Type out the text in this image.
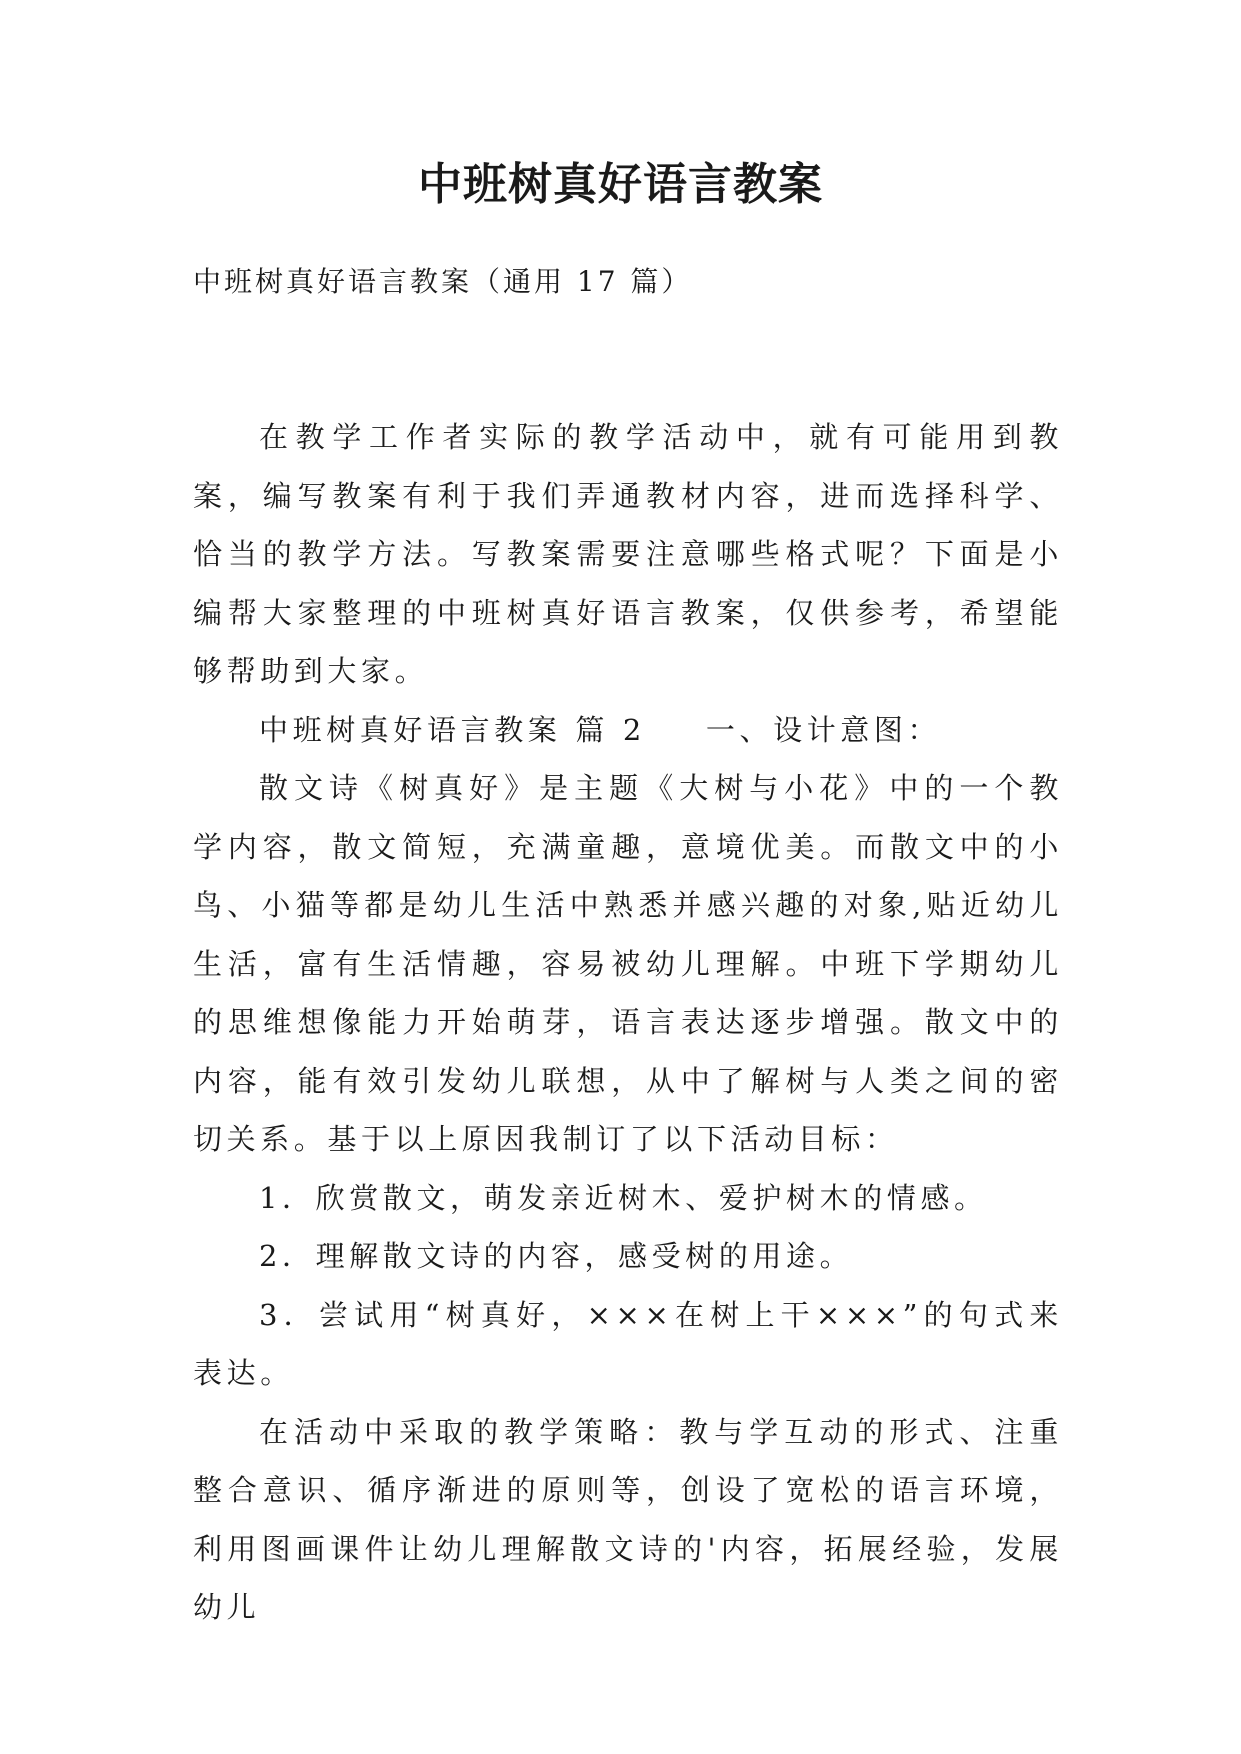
中班树真好语言教案

中班树真好语言教案（通用 17 篇）

在教学工作者实际的教学活动中，就有可能用到教案，编写教案有利于我们弄通教材内容，进而选择科学、恰当的教学方法。写教案需要注意哪些格式呢？下面是小编帮大家整理的中班树真好语言教案，仅供参考，希望能够帮助到大家。

中班树真好语言教案 篇 2 一、设计意图：

散文诗《树真好》是主题《大树与小花》中的一个教学内容，散文简短，充满童趣，意境优美。而散文中的小鸟、小猫等都是幼儿生活中熟悉并感兴趣的对象,贴近幼儿生活，富有生活情趣，容易被幼儿理解。中班下学期幼儿的思维想像能力开始萌芽，语言表达逐步增强。散文中的内容，能有效引发幼儿联想，从中了解树与人类之间的密切关系。基于以上原因我制订了以下活动目标：

1．欣赏散文，萌发亲近树木、爱护树木的情感。

2．理解散文诗的内容，感受树的用途。

3．尝试用“树真好，×××在树上干×××”的句式来表达。

在活动中采取的教学策略：教与学互动的形式、注重整合意识、循序渐进的原则等，创设了宽松的语言环境，利用图画课件让幼儿理解散文诗的'内容，拓展经验，发展幼儿
